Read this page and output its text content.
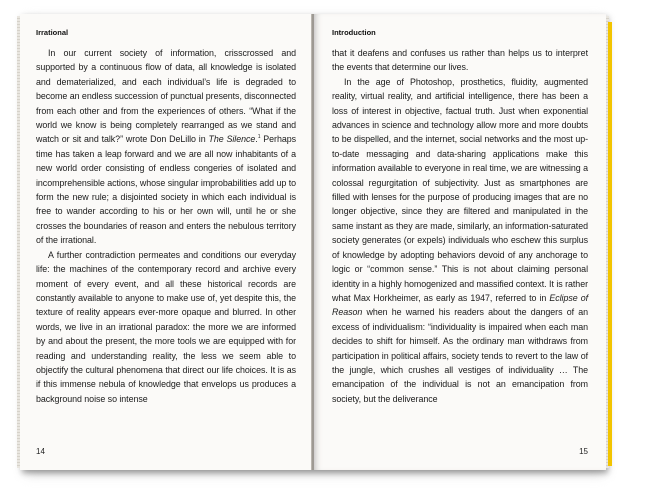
Irrational

In our current society of information, crisscrossed and supported by a continuous flow of data, all knowledge is isolated and dematerialized, and each individual’s life is degraded to become an endless succession of punctual presents, disconnected from each other and from the experiences of others. “What if the world we know is being completely rearranged as we stand and watch or sit and talk?” wrote Don DeLillo in The Silence.$^1$ Perhaps time has taken a leap forward and we are all now inhabitants of a new world order consisting of endless congeries of isolated and incomprehensible actions, whose singular improbabilities add up to form the new rule; a disjointed society in which each individual is free to wander according to his or her own will, until he or she crosses the boundaries of reason and enters the nebulous territory of the irrational.

A further contradiction permeates and conditions our everyday life: the machines of the contemporary record and archive every moment of every event, and all these historical records are constantly available to anyone to make use of, yet despite this, the texture of reality appears ever-more opaque and blurred. In other words, we live in an irrational paradox: the more we are informed by and about the present, the more tools we are equipped with for reading and understanding reality, the less we seem able to objectify the cultural phenomena that direct our life choices. It is as if this immense nebula of knowledge that envelops us produces a background noise so intense

14
Introduction

that it deafens and confuses us rather than helps us to interpret the events that determine our lives.

In the age of Photoshop, prosthetics, fluidity, augmented reality, virtual reality, and artificial intelligence, there has been a loss of interest in objective, factual truth. Just when exponential advances in science and technology allow more and more doubts to be dispelled, and the internet, social networks and the most up-to-date messaging and data-sharing applications make this information available to everyone in real time, we are witnessing a colossal regurgitation of subjectivity. Just as smartphones are filled with lenses for the purpose of producing images that are no longer objective, since they are filtered and manipulated in the same instant as they are made, similarly, an information-saturated society generates (or expels) individuals who eschew this surplus of knowledge by adopting behaviors devoid of any anchorage to logic or “common sense.” This is not about claiming personal identity in a highly homogenized and massified context. It is rather what Max Horkheimer, as early as 1947, referred to in Eclipse of Reason when he warned his readers about the dangers of an excess of individualism: “individuality is impaired when each man decides to shift for himself. As the ordinary man withdraws from participation in political affairs, society tends to revert to the law of the jungle, which crushes all vestiges of individuality … The emancipation of the individual is not an emancipation from society, but the deliverance

15
